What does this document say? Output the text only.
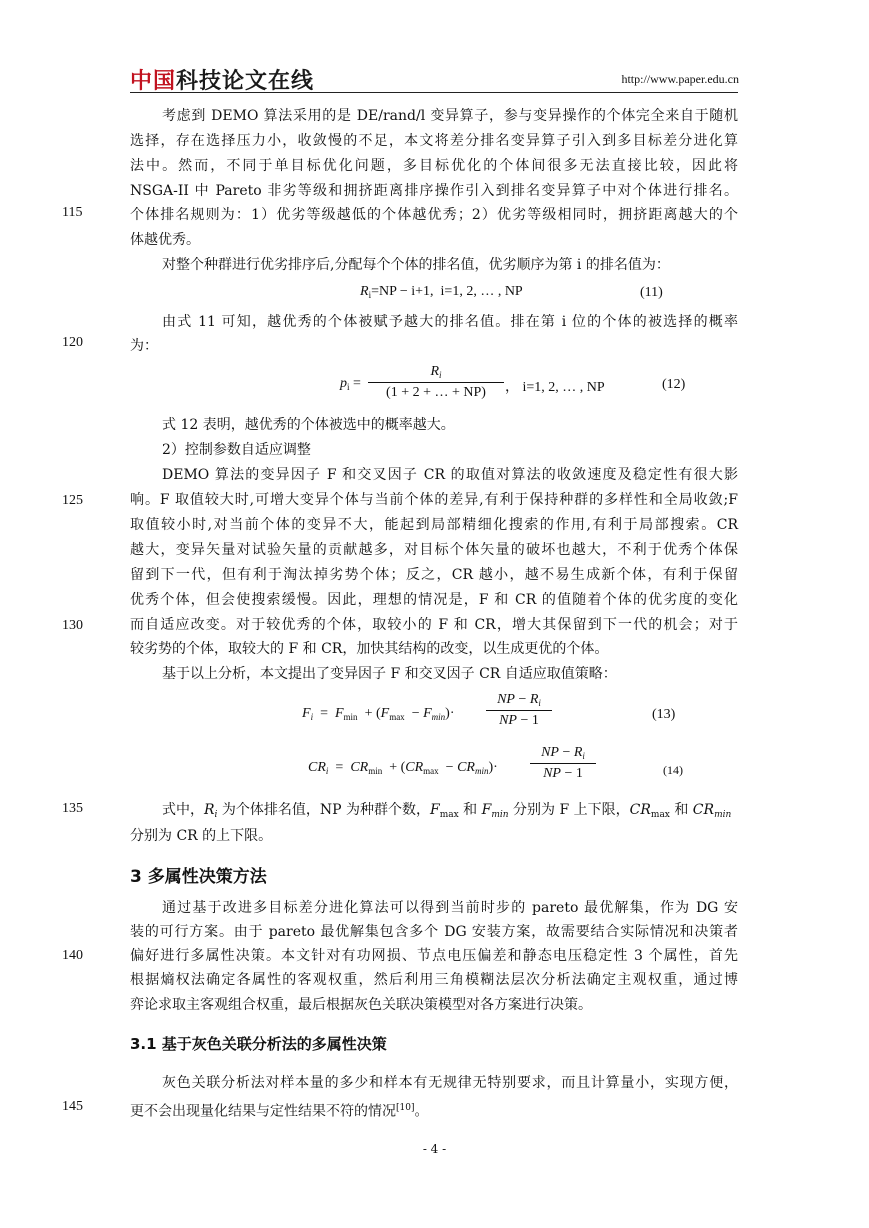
中国科技论文在线	http://www.paper.edu.cn
115
120
125
130
135
140
145
考虑到 DEMO 算法采用的是 DE/rand/l 变异算子，参与变异操作的个体完全来自于随机
选择，存在选择压力小，收敛慢的不足，本文将差分排名变异算子引入到多目标差分进化算
法中。然而，不同于单目标优化问题，多目标优化的个体间很多无法直接比较，因此将
NSGA-II 中 Pareto 非劣等级和拥挤距离排序操作引入到排名变异算子中对个体进行排名。
个体排名规则为：1）优劣等级越低的个体越优秀；2）优劣等级相同时，拥挤距离越大的个
体越优秀。
对整个种群进行优劣排序后,分配每个个体的排名值，优劣顺序为第 i 的排名值为：
$R_i=NP - i+1$, i=1, 2, … , NP	(11)
由式 11 可知，越优秀的个体被赋予越大的排名值。排在第 i 位的个体的被选择的概率
为：
$p_i = \frac{R_i}{(1 + 2 + \dots + NP)}$ ， i=1, 2, … , NP	(12)
式 12 表明，越优秀的个体被选中的概率越大。
2）控制参数自适应调整
DEMO 算法的变异因子 F 和交叉因子 CR 的取值对算法的收敛速度及稳定性有很大影
响。F 取值较大时,可增大变异个体与当前个体的差异,有利于保持种群的多样性和全局收敛;F
取值较小时,对当前个体的变异不大，能起到局部精细化搜索的作用,有利于局部搜索。CR
越大，变异矢量对试验矢量的贡献越多，对目标个体矢量的破坏也越大，不利于优秀个体保
留到下一代，但有利于淘汰掉劣势个体；反之，CR 越小，越不易生成新个体，有利于保留
优秀个体，但会使搜索缓慢。因此，理想的情况是，F 和 CR 的值随着个体的优劣度的变化
而自适应改变。对于较优秀的个体，取较小的 F 和 CR，增大其保留到下一代的机会；对于
较劣势的个体，取较大的 F 和 CR，加快其结构的改变，以生成更优的个体。
基于以上分析，本文提出了变异因子 F 和交叉因子 CR 自适应取值策略：
$F_i = F_{min} + (F_{max} - F_{min})\cdot \frac{NP - R_i}{NP - 1}$	(13)
$CR_i = CR_{min} + (CR_{max} - CR_{min})\cdot \frac{NP - R_i}{NP - 1}$	(14)
式中，$R_i$ 为个体排名值，NP 为种群个数，$F_{max}$ 和 $F_{min}$ 分别为 F 上下限，$CR_{max}$ 和 $CR_{min}$
分别为 CR 的上下限。
3 多属性决策方法
通过基于改进多目标差分进化算法可以得到当前时步的 pareto 最优解集，作为 DG 安
装的可行方案。由于 pareto 最优解集包含多个 DG 安装方案，故需要结合实际情况和决策者
偏好进行多属性决策。本文针对有功网损、节点电压偏差和静态电压稳定性 3 个属性，首先
根据熵权法确定各属性的客观权重，然后利用三角模糊法层次分析法确定主观权重，通过博
弈论求取主客观组合权重，最后根据灰色关联决策模型对各方案进行决策。
3.1 基于灰色关联分析法的多属性决策
灰色关联分析法对样本量的多少和样本有无规律无特别要求，而且计算量小，实现方便，
更不会出现量化结果与定性结果不符的情况[10]。
- 4 -
